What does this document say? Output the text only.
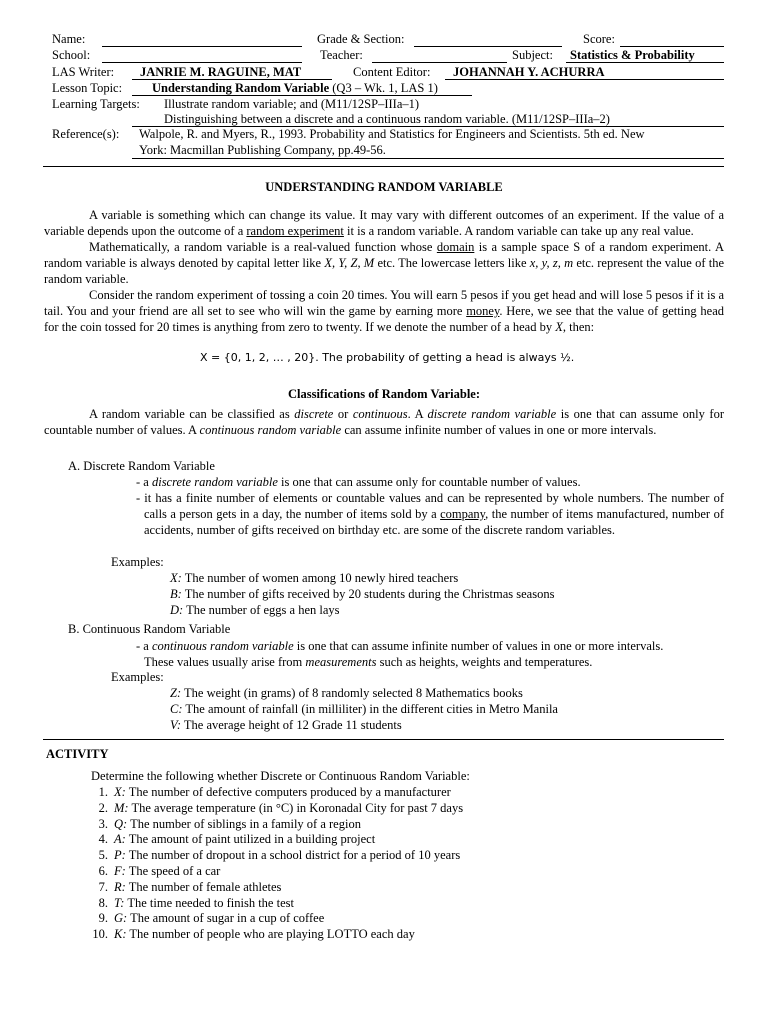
Name:	Grade & Section:	Score:
School:	Teacher:	Subject: Statistics & Probability
LAS Writer: JANRIE M. RAGUINE, MAT	Content Editor: JOHANNAH Y. ACHURRA
Lesson Topic: Understanding Random Variable (Q3 – Wk. 1, LAS 1)
Learning Targets: Illustrate random variable; and (M11/12SP–IIIa–1)
Distinguishing between a discrete and a continuous random variable. (M11/12SP–IIIa–2)
Reference(s): Walpole, R. and Myers, R., 1993. Probability and Statistics for Engineers and Scientists. 5th ed. New
York: Macmillan Publishing Company, pp.49-56.
UNDERSTANDING RANDOM VARIABLE

A variable is something which can change its value. It may vary with different outcomes of an experiment. If the value of a variable depends upon the outcome of a random experiment it is a random variable. A random variable can take up any real value.

Mathematically, a random variable is a real-valued function whose domain is a sample space S of a random experiment. A random variable is always denoted by capital letter like X, Y, Z, M etc. The lowercase letters like x, y, z, m etc. represent the value of the random variable.

Consider the random experiment of tossing a coin 20 times. You will earn 5 pesos if you get head and will lose 5 pesos if it is a tail. You and your friend are all set to see who will win the game by earning more money. Here, we see that the value of getting head for the coin tossed for 20 times is anything from zero to twenty. If we denote the number of a head by X, then:

X = {0, 1, 2, … , 20}. The probability of getting a head is always ½.
Classifications of Random Variable:

A random variable can be classified as discrete or continuous. A discrete random variable is one that can assume only for countable number of values. A continuous random variable can assume infinite number of values in one or more intervals.

A. Discrete Random Variable

- a discrete random variable is one that can assume only for countable number of values.

- it has a finite number of elements or countable values and can be represented by whole numbers. The number of calls a person gets in a day, the number of items sold by a company, the number of items manufactured, number of accidents, number of gifts received on birthday etc. are some of the discrete random variables.

Examples:
X: The number of women among 10 newly hired teachers
B: The number of gifts received by 20 students during the Christmas seasons
D: The number of eggs a hen lays
B. Continuous Random Variable

- a continuous random variable is one that can assume infinite number of values in one or more intervals.

These values usually arise from measurements such as heights, weights and temperatures.

Examples:
Z: The weight (in grams) of 8 randomly selected 8 Mathematics books
C: The amount of rainfall (in milliliter) in the different cities in Metro Manila
V: The average height of 12 Grade 11 students
ACTIVITY
Determine the following whether Discrete or Continuous Random Variable:
1. X: The number of defective computers produced by a manufacturer
2. M: The average temperature (in °C) in Koronadal City for past 7 days
3. Q: The number of siblings in a family of a region
4. A: The amount of paint utilized in a building project
5. P: The number of dropout in a school district for a period of 10 years
6. F: The speed of a car
7. R: The number of female athletes
8. T: The time needed to finish the test
9. G: The amount of sugar in a cup of coffee
10. K: The number of people who are playing LOTTO each day
